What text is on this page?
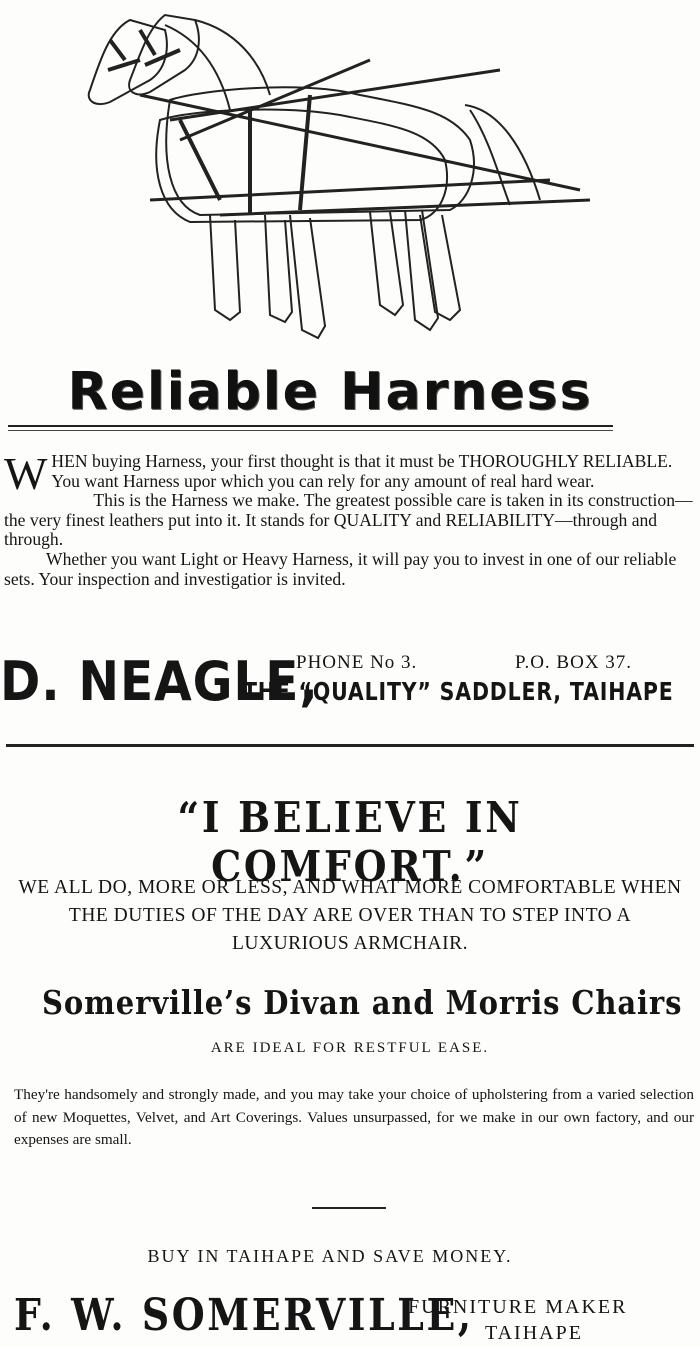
Reliable Harness

WHEN buying Harness, your first thought is that it must be THOROUGHLY RELIABLE. You want Harness upor which you can rely for any amount of real hard wear.

This is the Harness we make. The greatest possible care is taken in its construction—the very finest leathers put into it. It stands for QUALITY and RELIABILITY—through and through.

Whether you want Light or Heavy Harness, it will pay you to invest in one of our reliable sets. Your inspection and investigatior is invited.

D. NEAGLE,
PHONE No 3.	P.O. BOX 37.
THE “QUALITY” SADDLER, TAIHAPE
“I BELIEVE IN COMFORT.”
WE ALL DO, MORE OR LESS, AND WHAT MORE COMFORTABLE WHEN THE DUTIES OF THE DAY ARE OVER THAN TO STEP INTO A LUXURIOUS ARMCHAIR.
Somerville’s Divan and Morris Chairs
ARE IDEAL FOR RESTFUL EASE.
They're handsomely and strongly made, and you may take your choice of upholstering from a varied selection of new Moquettes, Velvet, and Art Coverings. Values unsurpassed, for we make in our own factory, and our expenses are small.
BUY IN TAIHAPE AND SAVE MONEY.
F. W. SOMERVILLE,
FURNITURE MAKER
TAIHAPE
